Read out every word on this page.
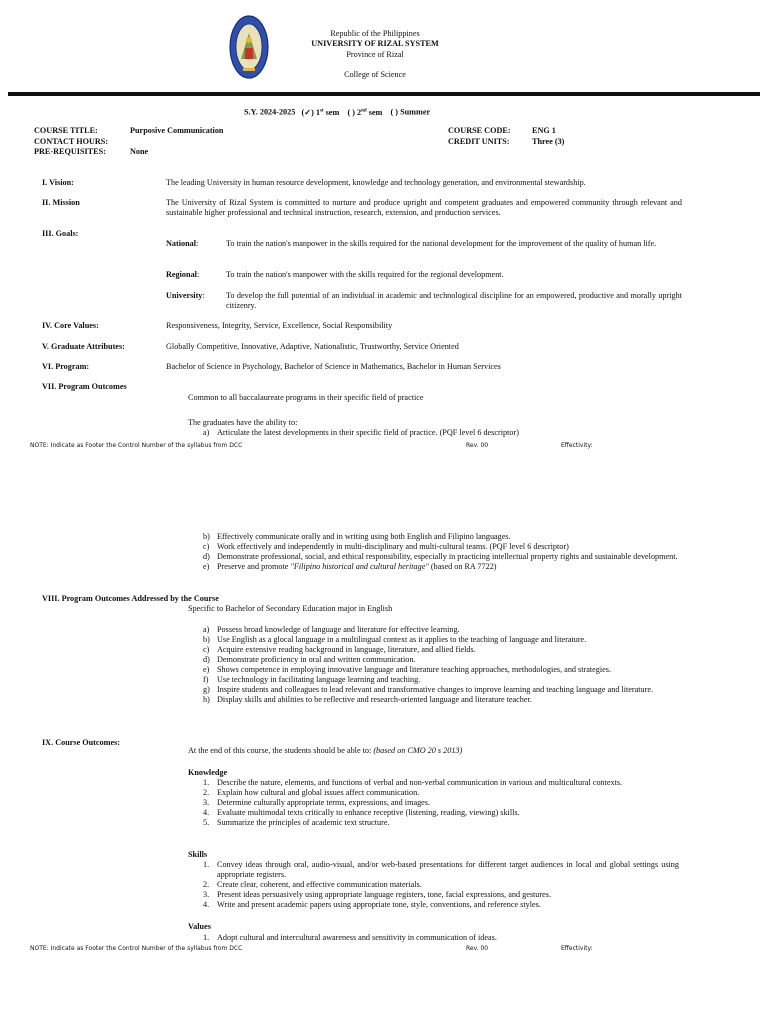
Republic of the Philippines
UNIVERSITY OF RIZAL SYSTEM
Province of Rizal
College of Science
S.Y. 2024-2025 (✓) 1st sem ( ) 2nd sem ( ) Summer
COURSE TITLE:	Purposive Communication
CONTACT HOURS:
PRE-REQUISITES:	None
COURSE CODE:	ENG 1
CREDIT UNITS:	Three (3)
I. Vision:	The leading University in human resource development, knowledge and technology generation, and environmental stewardship.
II. Mission	The University of Rizal System is committed to nurture and produce upright and competent graduates and empowered community through relevant and sustainable higher professional and technical instruction, research, extension, and production services.
III. Goals:
National:	To train the nation's manpower in the skills required for the national development for the improvement of the quality of human life.
Regional:	To train the nation's manpower with the skills required for the regional development.
University:	To develop the full potential of an individual in academic and technological discipline for an empowered, productive and morally upright citizenry.
IV. Core Values:	Responsiveness, Integrity, Service, Excellence, Social Responsibility
V. Graduate Attributes:	Globally Competitive, Innovative, Adaptive, Nationalistic, Trustworthy, Service Oriented
VI. Program:	Bachelor of Science in Psychology, Bachelor of Science in Mathematics, Bachelor in Human Services
VII. Program Outcomes
Common to all baccalaureate programs in their specific field of practice
The graduates have the ability to:
a) Articulate the latest developments in their specific field of practice. (PQF level 6 descriptor)
NOTE: Indicate as Footer the Control Number of the syllabus from DCC	Rev. 00	Effectivity:
b) Effectively communicate orally and in writing using both English and Filipino languages.
c) Work effectively and independently in multi-disciplinary and multi-cultural teams. (PQF level 6 descriptor)
d) Demonstrate professional, social, and ethical responsibility, especially in practicing intellectual property rights and sustainable development.
e) Preserve and promote "Filipino historical and cultural heritage" (based on RA 7722)
VIII. Program Outcomes Addressed by the Course
Specific to Bachelor of Secondary Education major in English
a) Possess broad knowledge of language and literature for effective learning.
b) Use English as a glocal language in a multilingual context as it applies to the teaching of language and literature.
c) Acquire extensive reading background in language, literature, and allied fields.
d) Demonstrate proficiency in oral and written communication.
e) Shows competence in employing innovative language and literature teaching approaches, methodologies, and strategies.
f)	Use technology in facilitating language learning and teaching.
g) Inspire students and colleagues to lead relevant and transformative changes to improve learning and teaching language and literature.
h) Display skills and abilities to be reflective and research-oriented language and literature teacher.
IX. Course Outcomes:
At the end of this course, the students should be able to: (based on CMO 20 s 2013)
Knowledge
1. Describe the nature, elements, and functions of verbal and non-verbal communication in various and multicultural contexts.
2. Explain how cultural and global issues affect communication.
3. Determine culturally appropriate terms, expressions, and images.
4. Evaluate multimodal texts critically to enhance receptive (listening, reading, viewing) skills.
5. Summarize the principles of academic text structure.
Skills
1. Convey ideas through oral, audio-visual, and/or web-based presentations for different target audiences in local and global settings using appropriate registers.
2. Create clear, coherent, and effective communication materials.
3. Present ideas persuasively using appropriate language registers, tone, facial expressions, and gestures.
4. Write and present academic papers using appropriate tone, style, conventions, and reference styles.
Values
1. Adopt cultural and intercultural awareness and sensitivity in communication of ideas.
NOTE: Indicate as Footer the Control Number of the syllabus from DCC	Rev. 00	Effectivity:
